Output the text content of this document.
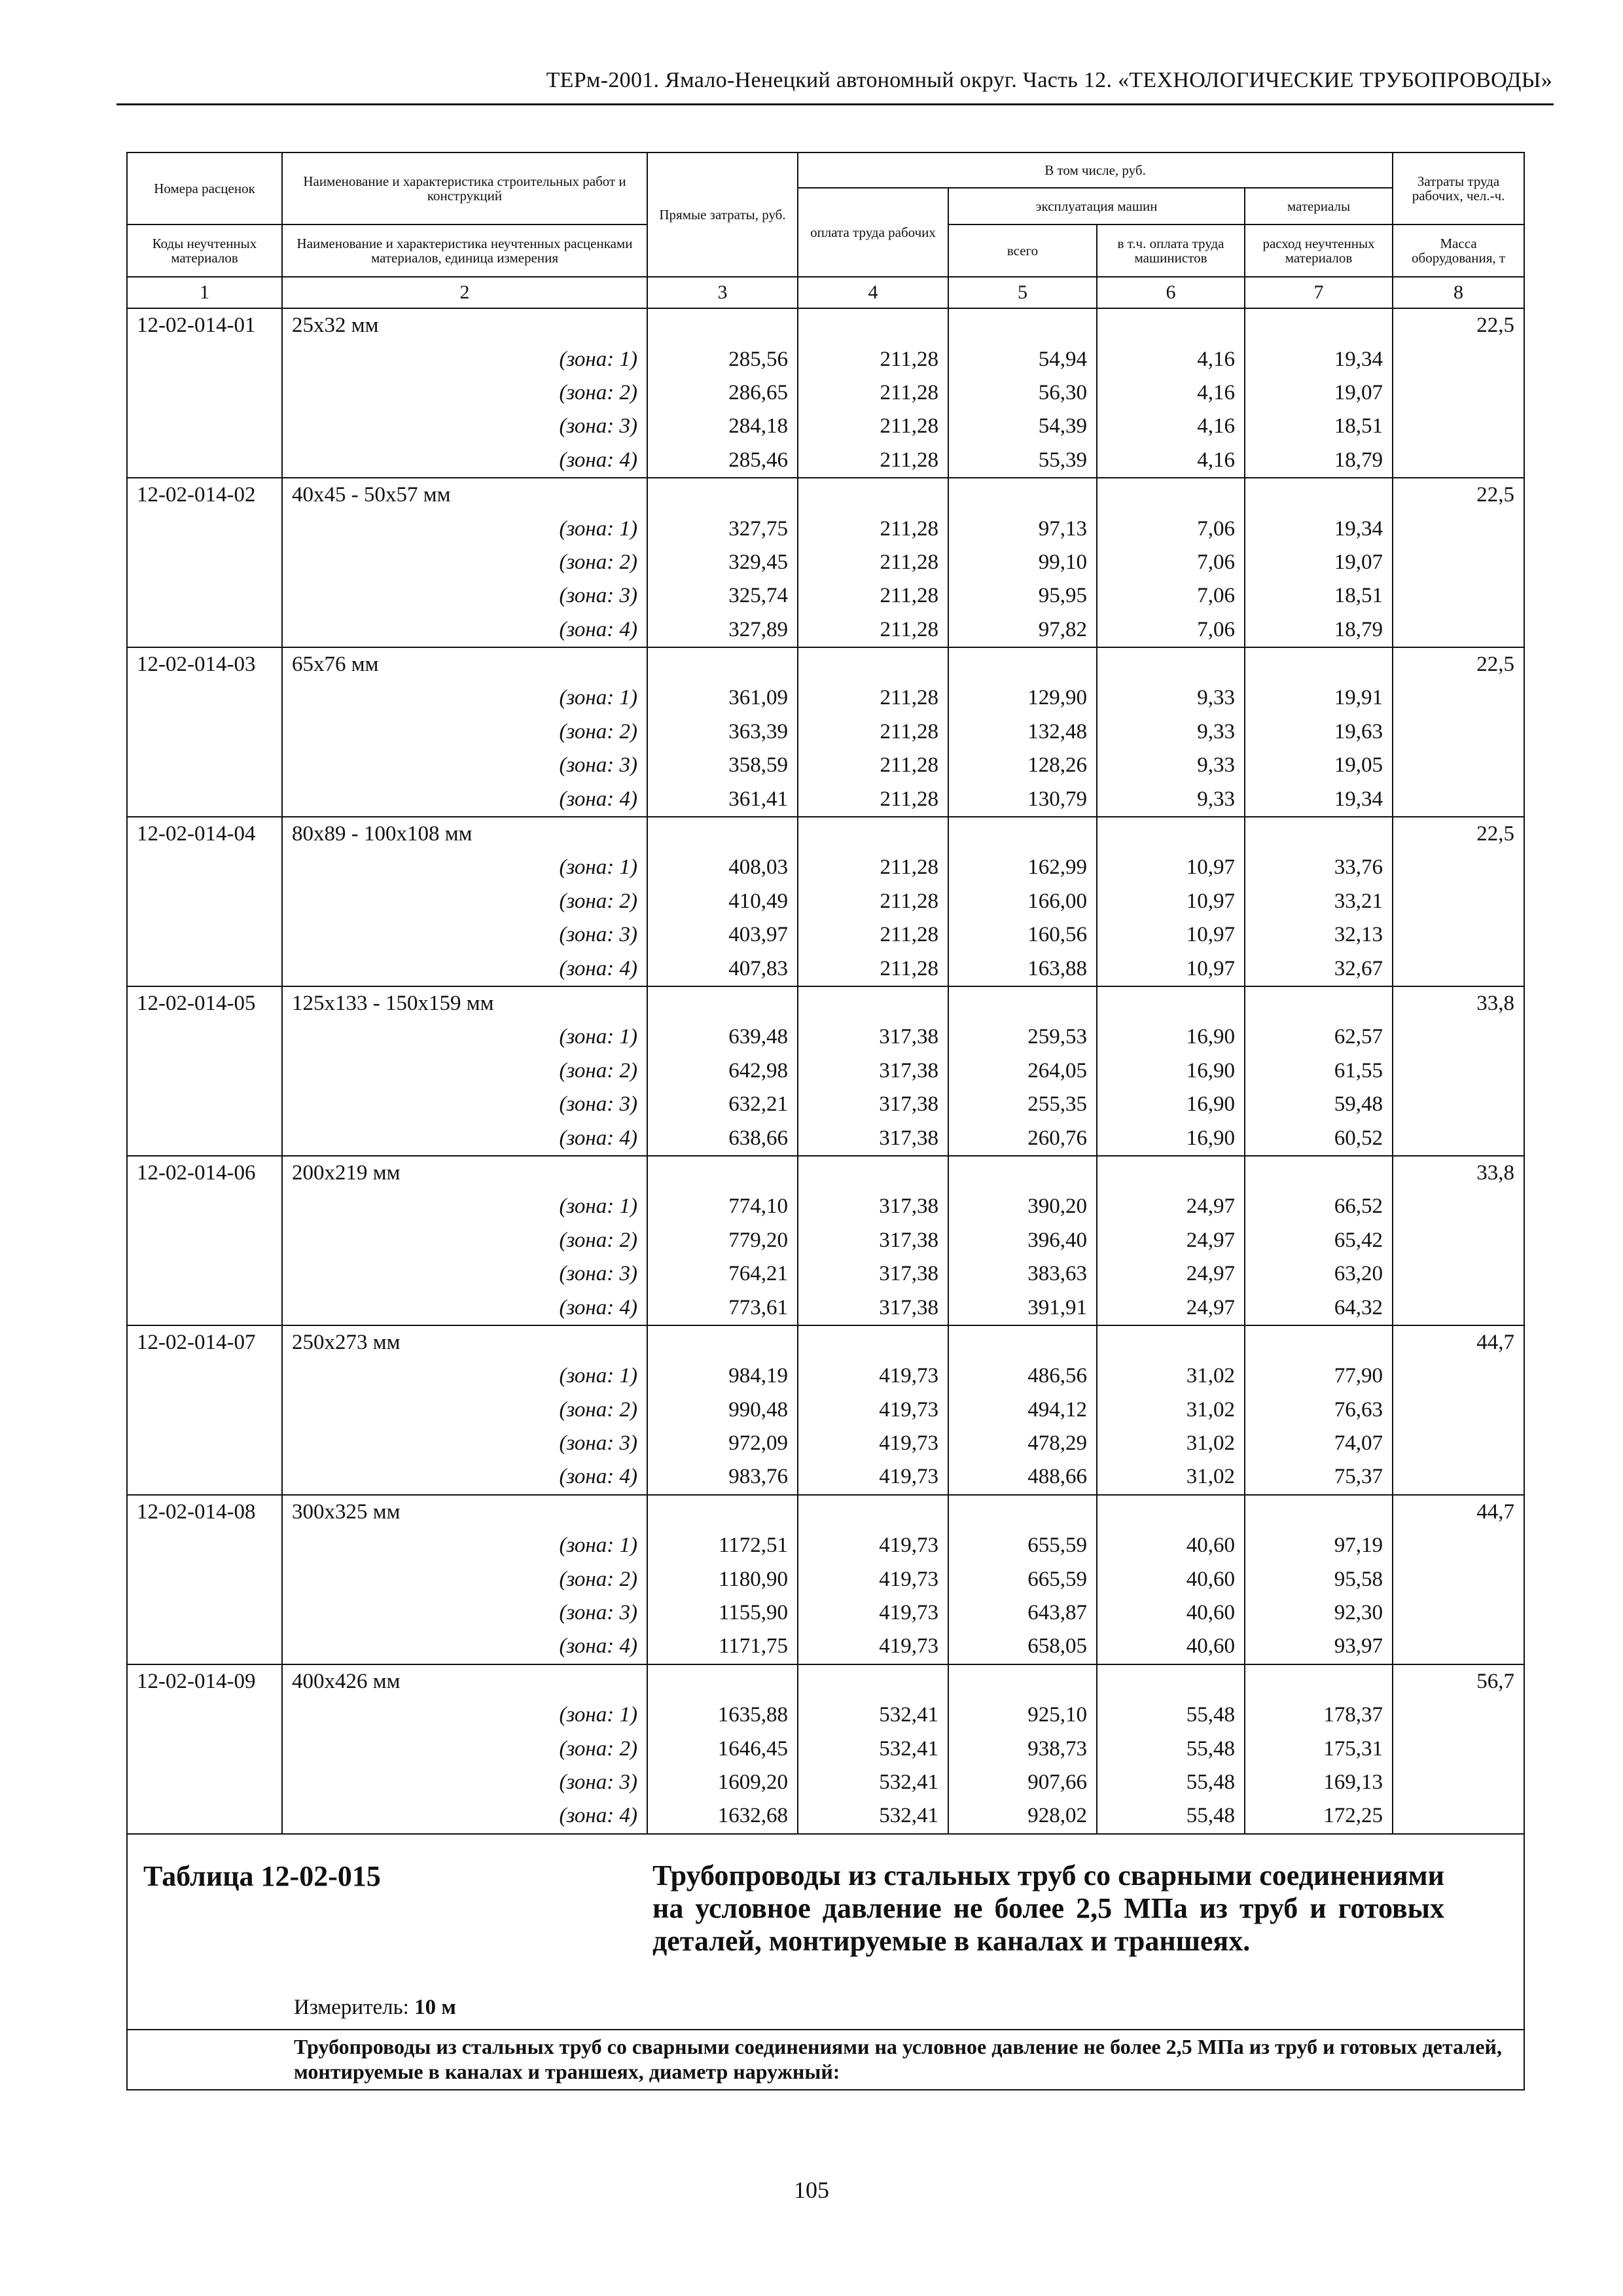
ТЕРм-2001. Ямало-Ненецкий автономный округ. Часть 12. «ТЕХНОЛОГИЧЕСКИЕ ТРУБОПРОВОДЫ»
Номера расценок	Наименование и характеристика строительных работ и конструкций	Прямые затраты, руб.	В том числе, руб.				Затраты труда рабочих, чел.-ч.
			оплата труда рабочих	эксплуатация машин		материалы	
Коды неучтенных материалов	Наименование и характеристика неучтенных расценками материалов, единица измерения			всего	в т.ч. оплата труда машинистов	расход неучтенных материалов	Масса оборудования, т
1	2	3	4	5	6	7	8
12-02-014-01	25х32 мм						22,5
	(зона: 1)	285,56	211,28	54,94	4,16	19,34	
	(зона: 2)	286,65	211,28	56,30	4,16	19,07	
	(зона: 3)	284,18	211,28	54,39	4,16	18,51	
	(зона: 4)	285,46	211,28	55,39	4,16	18,79	
12-02-014-02	40х45 - 50х57 мм						22,5
	(зона: 1)	327,75	211,28	97,13	7,06	19,34	
	(зона: 2)	329,45	211,28	99,10	7,06	19,07	
	(зона: 3)	325,74	211,28	95,95	7,06	18,51	
	(зона: 4)	327,89	211,28	97,82	7,06	18,79	
12-02-014-03	65х76 мм						22,5
	(зона: 1)	361,09	211,28	129,90	9,33	19,91	
	(зона: 2)	363,39	211,28	132,48	9,33	19,63	
	(зона: 3)	358,59	211,28	128,26	9,33	19,05	
	(зона: 4)	361,41	211,28	130,79	9,33	19,34	
12-02-014-04	80х89 - 100х108 мм						22,5
	(зона: 1)	408,03	211,28	162,99	10,97	33,76	
	(зона: 2)	410,49	211,28	166,00	10,97	33,21	
	(зона: 3)	403,97	211,28	160,56	10,97	32,13	
	(зона: 4)	407,83	211,28	163,88	10,97	32,67	
12-02-014-05	125х133 - 150х159 мм						33,8
	(зона: 1)	639,48	317,38	259,53	16,90	62,57	
	(зона: 2)	642,98	317,38	264,05	16,90	61,55	
	(зона: 3)	632,21	317,38	255,35	16,90	59,48	
	(зона: 4)	638,66	317,38	260,76	16,90	60,52	
12-02-014-06	200х219 мм						33,8
	(зона: 1)	774,10	317,38	390,20	24,97	66,52	
	(зона: 2)	779,20	317,38	396,40	24,97	65,42	
	(зона: 3)	764,21	317,38	383,63	24,97	63,20	
	(зона: 4)	773,61	317,38	391,91	24,97	64,32	
12-02-014-07	250х273 мм						44,7
	(зона: 1)	984,19	419,73	486,56	31,02	77,90	
	(зона: 2)	990,48	419,73	494,12	31,02	76,63	
	(зона: 3)	972,09	419,73	478,29	31,02	74,07	
	(зона: 4)	983,76	419,73	488,66	31,02	75,37	
12-02-014-08	300х325 мм						44,7
	(зона: 1)	1172,51	419,73	655,59	40,60	97,19	
	(зона: 2)	1180,90	419,73	665,59	40,60	95,58	
	(зона: 3)	1155,90	419,73	643,87	40,60	92,30	
	(зона: 4)	1171,75	419,73	658,05	40,60	93,97	
12-02-014-09	400х426 мм						56,7
	(зона: 1)	1635,88	532,41	925,10	55,48	178,37	
	(зона: 2)	1646,45	532,41	938,73	55,48	175,31	
	(зона: 3)	1609,20	532,41	907,66	55,48	169,13	
	(зона: 4)	1632,68	532,41	928,02	55,48	172,25	

Таблица 12-02-015 Трубопроводы из стальных труб со сварными соединениями на условное давление не более 2,5 МПа из труб и готовых деталей, монтируемые в каналах и траншеях.
Измеритель: 10 м							

Трубопроводы из стальных труб со сварными соединениями на условное давление не более 2,5 МПа из труб и готовых деталей, монтируемые в каналах и траншеях, диаметр наружный:							
105
